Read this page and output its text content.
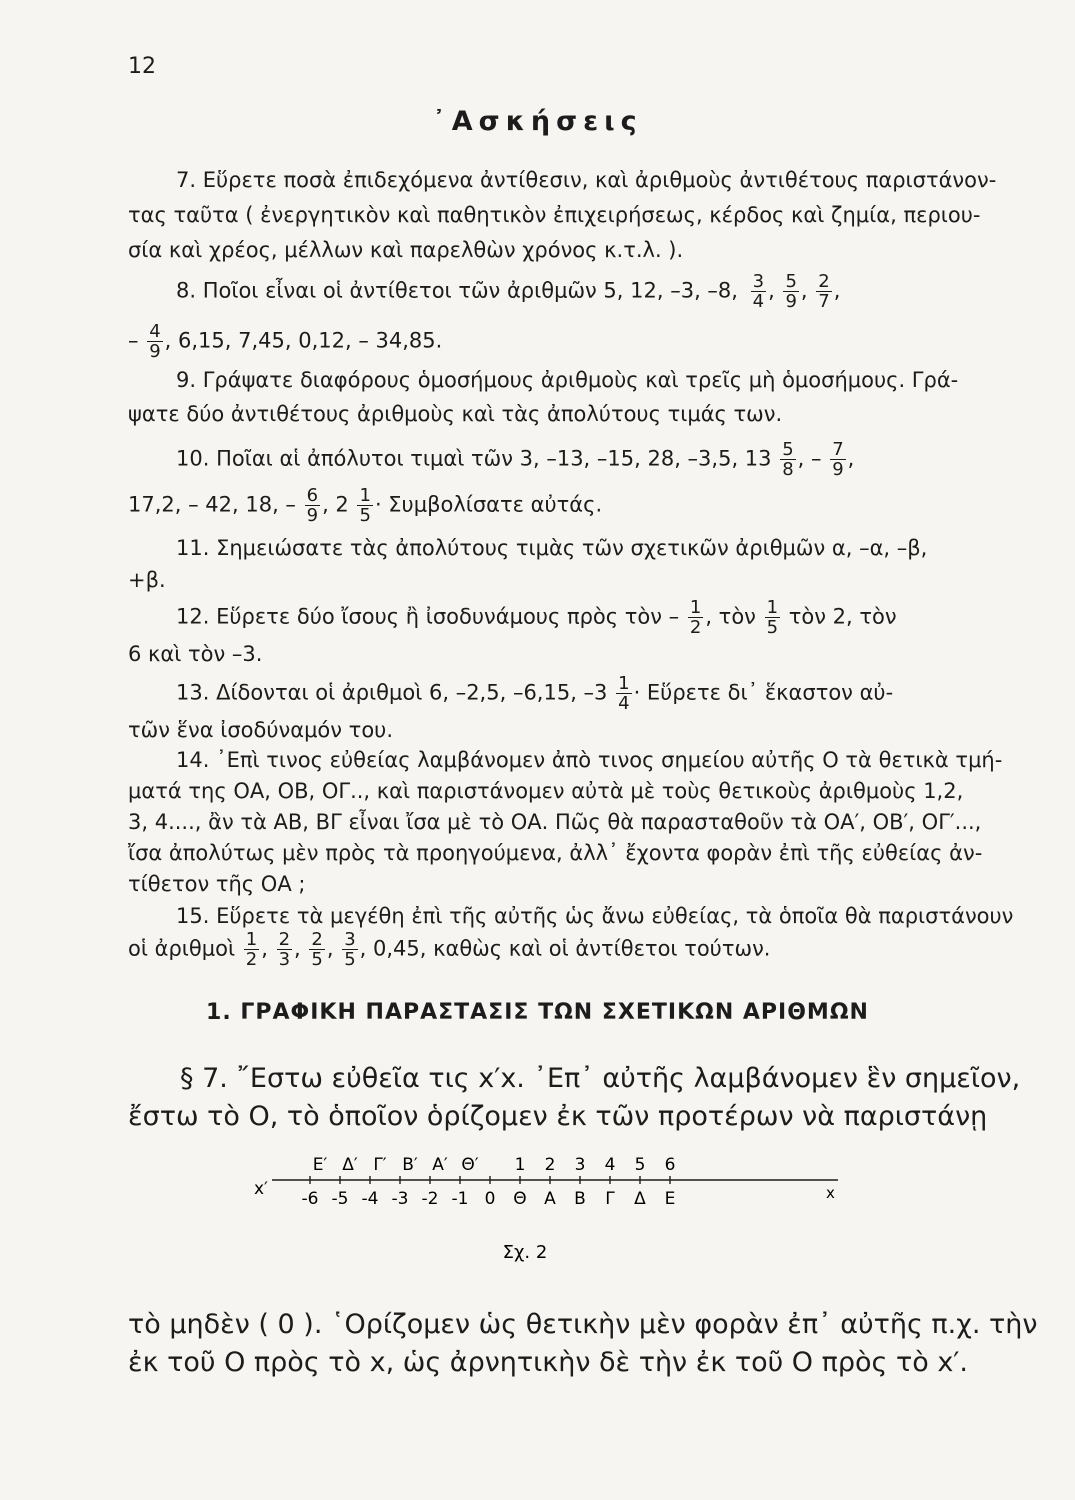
12
᾿Ασκήσεις
7. Εὕρετε ποσὰ ἐπιδεχόμενα ἀντίθεσιν, καὶ ἀριθμοὺς ἀντιθέτους παριστάνον-
τας ταῦτα ( ἐνεργητικὸν καὶ παθητικὸν ἐπιχειρήσεως, κέρδος καὶ ζημία, περιου-
σία καὶ χρέος, μέλλων καὶ παρελθὼν χρόνος κ.τ.λ. ).
8. Ποῖοι εἶναι οἱ ἀντίθετοι τῶν ἀριθμῶν 5, 12, –3, –8, $\frac{3}{4}$ , $\frac{5}{9}$ , $\frac{2}{7}$ ,
– $\frac{4}{9}$ , 6,15, 7,45, 0,12, – 34,85.
9. Γράψατε διαφόρους ὁμοσήμους ἀριθμοὺς καὶ τρεῖς μὴ ὁμοσήμους. Γρά-
ψατε δύο ἀντιθέτους ἀριθμοὺς καὶ τὰς ἀπολύτους τιμάς των.
10. Ποῖαι αἱ ἀπόλυτοι τιμαὶ τῶν 3, –13, –15, 28, –3,5, $13 \frac{5}{8}$ , – $\frac{7}{9}$ ,
17,2, – 42, 18, – $\frac{6}{9}$ , $2 \frac{1}{5} \cdot \Sigma\upsilon\mu\beta o\lambda ί\sigma\alpha\tau\varepsilon$ αὐτάς.
11. Σημειώσατε τὰς ἀπολύτους τιμὰς τῶν σχετικῶν ἀριθμῶν α, –α, –β,
+β.
12. Εὕρετε δύο ἴσους ἢ ἰσοδυνάμους πρὸς τὸν – $\frac{1}{2}$ , τὸν $\frac{1}{5}$ τὸν 2, τὸν
6 καὶ τὸν –3.
13. Δίδονται οἱ ἀριθμοὶ 6, –2,5, –6,15, $-3 \frac{1}{4}$ · Εὕρετε δι᾿ ἕκαστον αὐ-
τῶν ἕνα ἰσοδύναμόν του.
14. ᾿Επὶ τινος εὐθείας λαμβάνομεν ἀπὸ τινος σημείου αὐτῆς Ο τὰ θετικὰ τμή-
ματά της ΟΑ, ΟΒ, ΟΓ.., καὶ παριστάνομεν αὐτὰ μὲ τοὺς θετικοὺς ἀριθμοὺς 1,2,
3, 4...., ἂν τὰ ΑΒ, ΒΓ εἶναι ἴσα μὲ τὸ ΟΑ. Πῶς θὰ παρασταθοῦν τὰ ΟΑ′, ΟΒ′, ΟΓ′...,
ἴσα ἀπολύτως μὲν πρὸς τὰ προηγούμενα, ἀλλ᾿ ἔχοντα φορὰν ἐπὶ τῆς εὐθείας ἀν-
τίθετον τῆς ΟΑ ;
15. Εὕρετε τὰ μεγέθη ἐπὶ τῆς αὐτῆς ὡς ἄνω εὐθείας, τὰ ὁποῖα θὰ παριστάνουν
οἱ ἀριθμοὶ $\frac{1}{2}$ , $\frac{2}{3}$ , $\frac{2}{5}$ , $\frac{3}{5}$ , 0,45, καθὼς καὶ οἱ ἀντίθετοι τούτων.
1. ΓΡΑΦΙΚΗ ΠΑΡΑΣΤΑΣΙΣ ΤΩΝ ΣΧΕΤΙΚΩΝ ΑΡΙΘΜΩΝ
§ 7. ῎Εστω εὐθεῖα τις x′x. ᾿Επ᾿ αὐτῆς λαμβάνομεν ἓν σημεῖον,
ἔστω τὸ Ο, τὸ ὁποῖον ὁρίζομεν ἐκ τῶν προτέρων νὰ παριστάνῃ
x′	x
-6 -5 -4 -3 -2 -1 0 Θ Α Β Γ Δ Ε
Ε′ Δ′ Γ′ Β′ Α′ Θ′ 1 2 3 4 5 6
Σχ. 2
τὸ μηδὲν ( 0 ). ῾Ορίζομεν ὡς θετικὴν μὲν φορὰν ἐπ᾿ αὐτῆς π.χ. τὴν
ἐκ τοῦ Ο πρὸς τὸ x, ὡς ἀρνητικὴν δὲ τὴν ἐκ τοῦ Ο πρὸς τὸ x′.
